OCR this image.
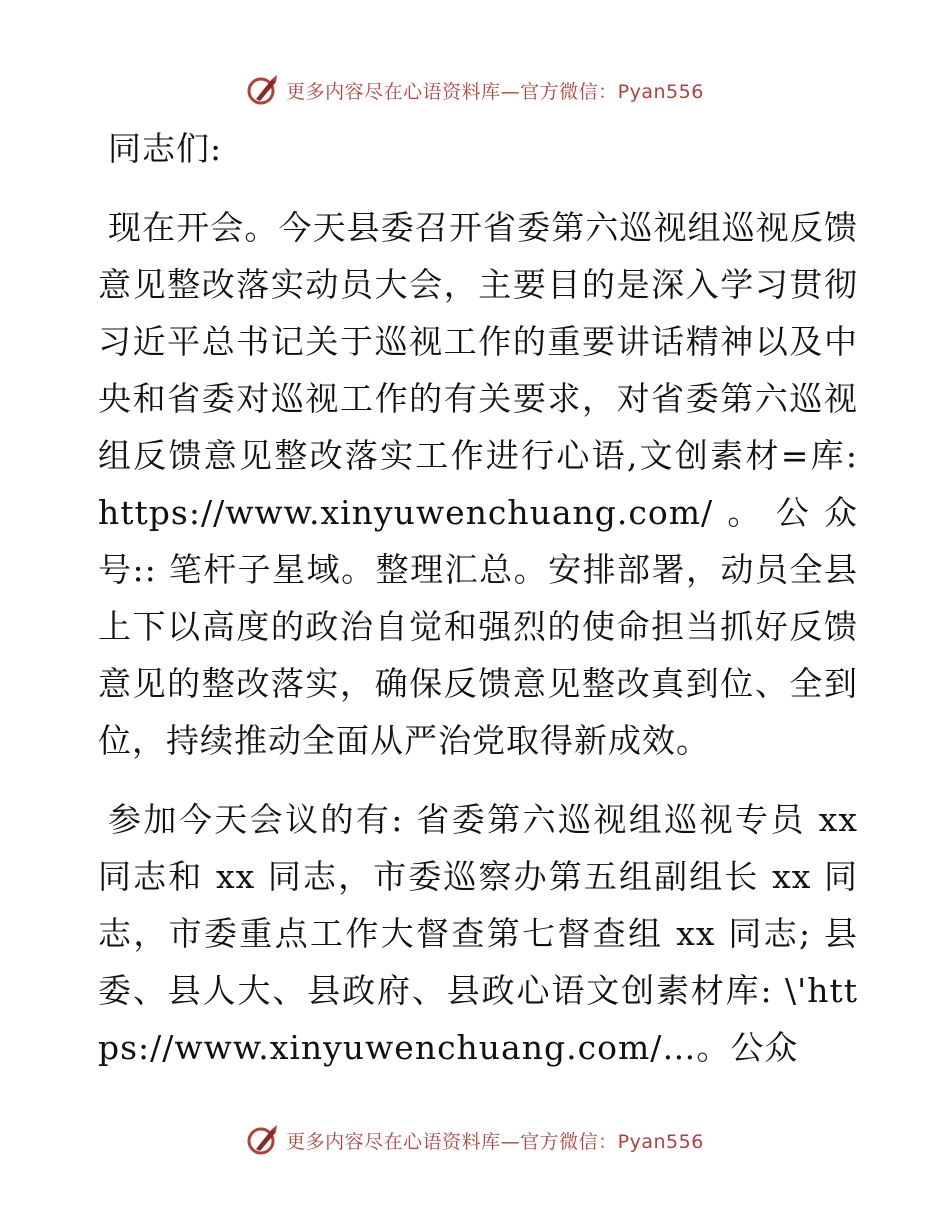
更多内容尽在心语资料库—官方微信：Pyan556

同志们:

现在开会。今天县委召开省委第六巡视组巡视反馈意见整改落实动员大会，主要目的是深入学习贯彻习近平总书记关于巡视工作的重要讲话精神以及中央和省委对巡视工作的有关要求，对省委第六巡视组反馈意见整改落实工作进行心语,文创素材=库: https://www.xinyuwenchuang.com/。公众号:: 笔杆子星域。整理汇总。安排部署，动员全县上下以高度的政治自觉和强烈的使命担当抓好反馈意见的整改落实，确保反馈意见整改真到位、全到位，持续推动全面从严治党取得新成效。

参加今天会议的有: 省委第六巡视组巡视专员 xx 同志和 xx 同志，市委巡察办第五组副组长 xx 同志，市委重点工作大督查第七督查组 xx 同志; 县委、县人大、县政府、县政心语文创素材库: \'https://www.xinyuwenchuang.com/…。公众

更多内容尽在心语资料库—官方微信：Pyan556
